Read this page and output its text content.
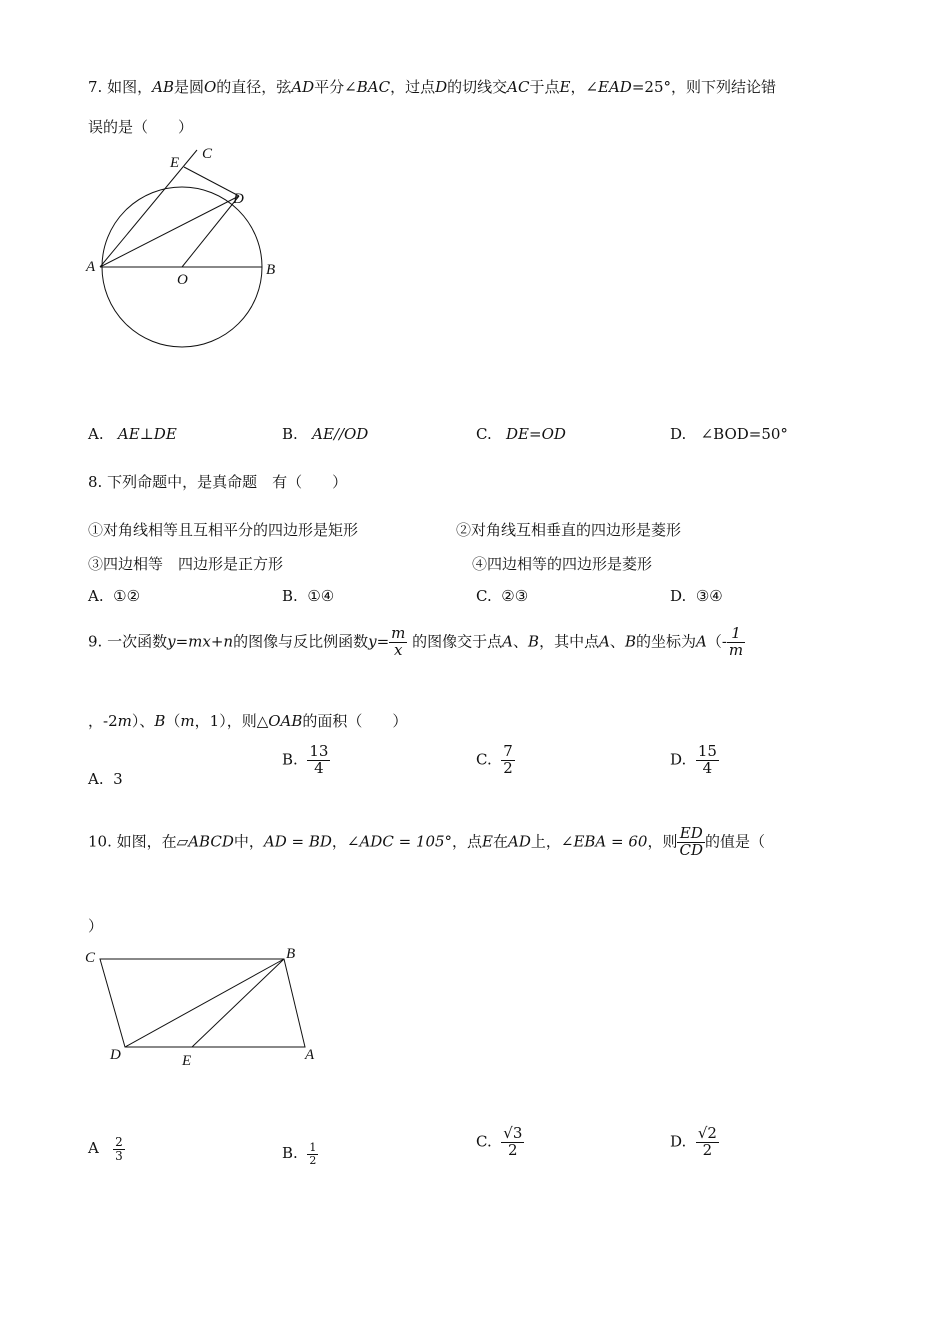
7. 如图，AB是圆O的直径，弦AD平分∠BAC，过点D的切线交AC于点E，∠EAD=25°，则下列结论错
误的是（　　）
C
E
D
A
O
B
A. AE⊥DE	B. AE//OD	C. DE=OD	D. ∠BOD=50°
8. 下列命题中，是真命题　有（　　）
①对角线相等且互相平分的四边形是矩形	②对角线互相垂直的四边形是菱形
③四边相等　四边形是正方形	④四边相等的四边形是菱形
A. ①②	B. ①④	C. ②③	D. ③④
9. 一次函数y=mx+n的图像与反比例函数$y= \frac{m}{x}$ 的图像交于点A、B，其中点A、B的坐标为$A(- \frac{1}{m}$
，-2m）、B（m，1），则△OAB的面积（　　）
A. 3
B. $\frac{13}{4}$	C. $\frac{7}{2}$	D. $\frac{15}{4}$
10. 如图，在▱ABCD中，AD = BD，∠ADC = 105°，点E在AD上，∠EBA = 60，则 $\frac{ED}{CD}$ 的值是（
）
C	B
D	E	A
A $\frac{2}{3}$	B. $\frac{1}{2}$
C. $\frac{√3}{2}$	D. $\frac{√2}{2}$
